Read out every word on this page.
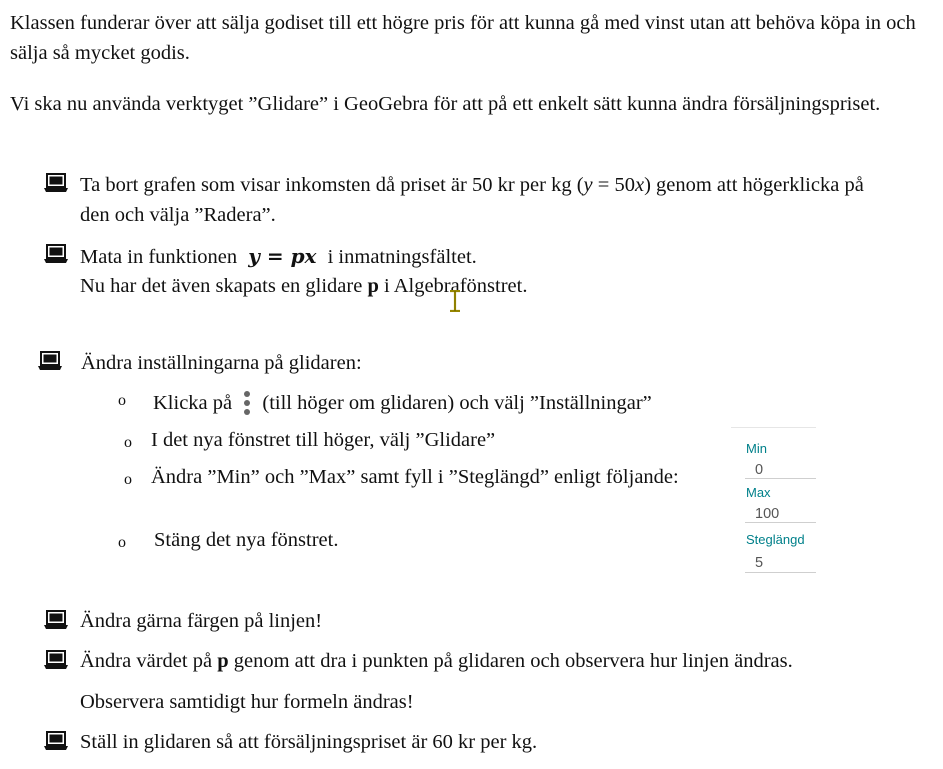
Klassen funderar över att sälja godiset till ett högre pris för att kunna gå med vinst utan att behöva köpa in och sälja så mycket godis.
Vi ska nu använda verktyget ”Glidare” i GeoGebra för att på ett enkelt sätt kunna ändra försäljningspriset.
Ta bort grafen som visar inkomsten då priset är 50 kr per kg (y = 50x) genom att högerklicka på
den och välja ”Radera”.
Mata in funktionen y = px i inmatningsfältet.
Nu har det även skapats en glidare p i Algebrafönstret.
Ändra inställningarna på glidaren:
o Klicka på (till höger om glidaren) och välj ”Inställningar”
o I det nya fönstret till höger, välj ”Glidare”
o Ändra ”Min” och ”Max” samt fyll i ”Steglängd” enligt följande:
o Stäng det nya fönstret.
Min
0
Max
100
Steglängd
5
Ändra gärna färgen på linjen!
Ändra värdet på p genom att dra i punkten på glidaren och observera hur linjen ändras.
Observera samtidigt hur formeln ändras!
Ställ in glidaren så att försäljningspriset är 60 kr per kg.
